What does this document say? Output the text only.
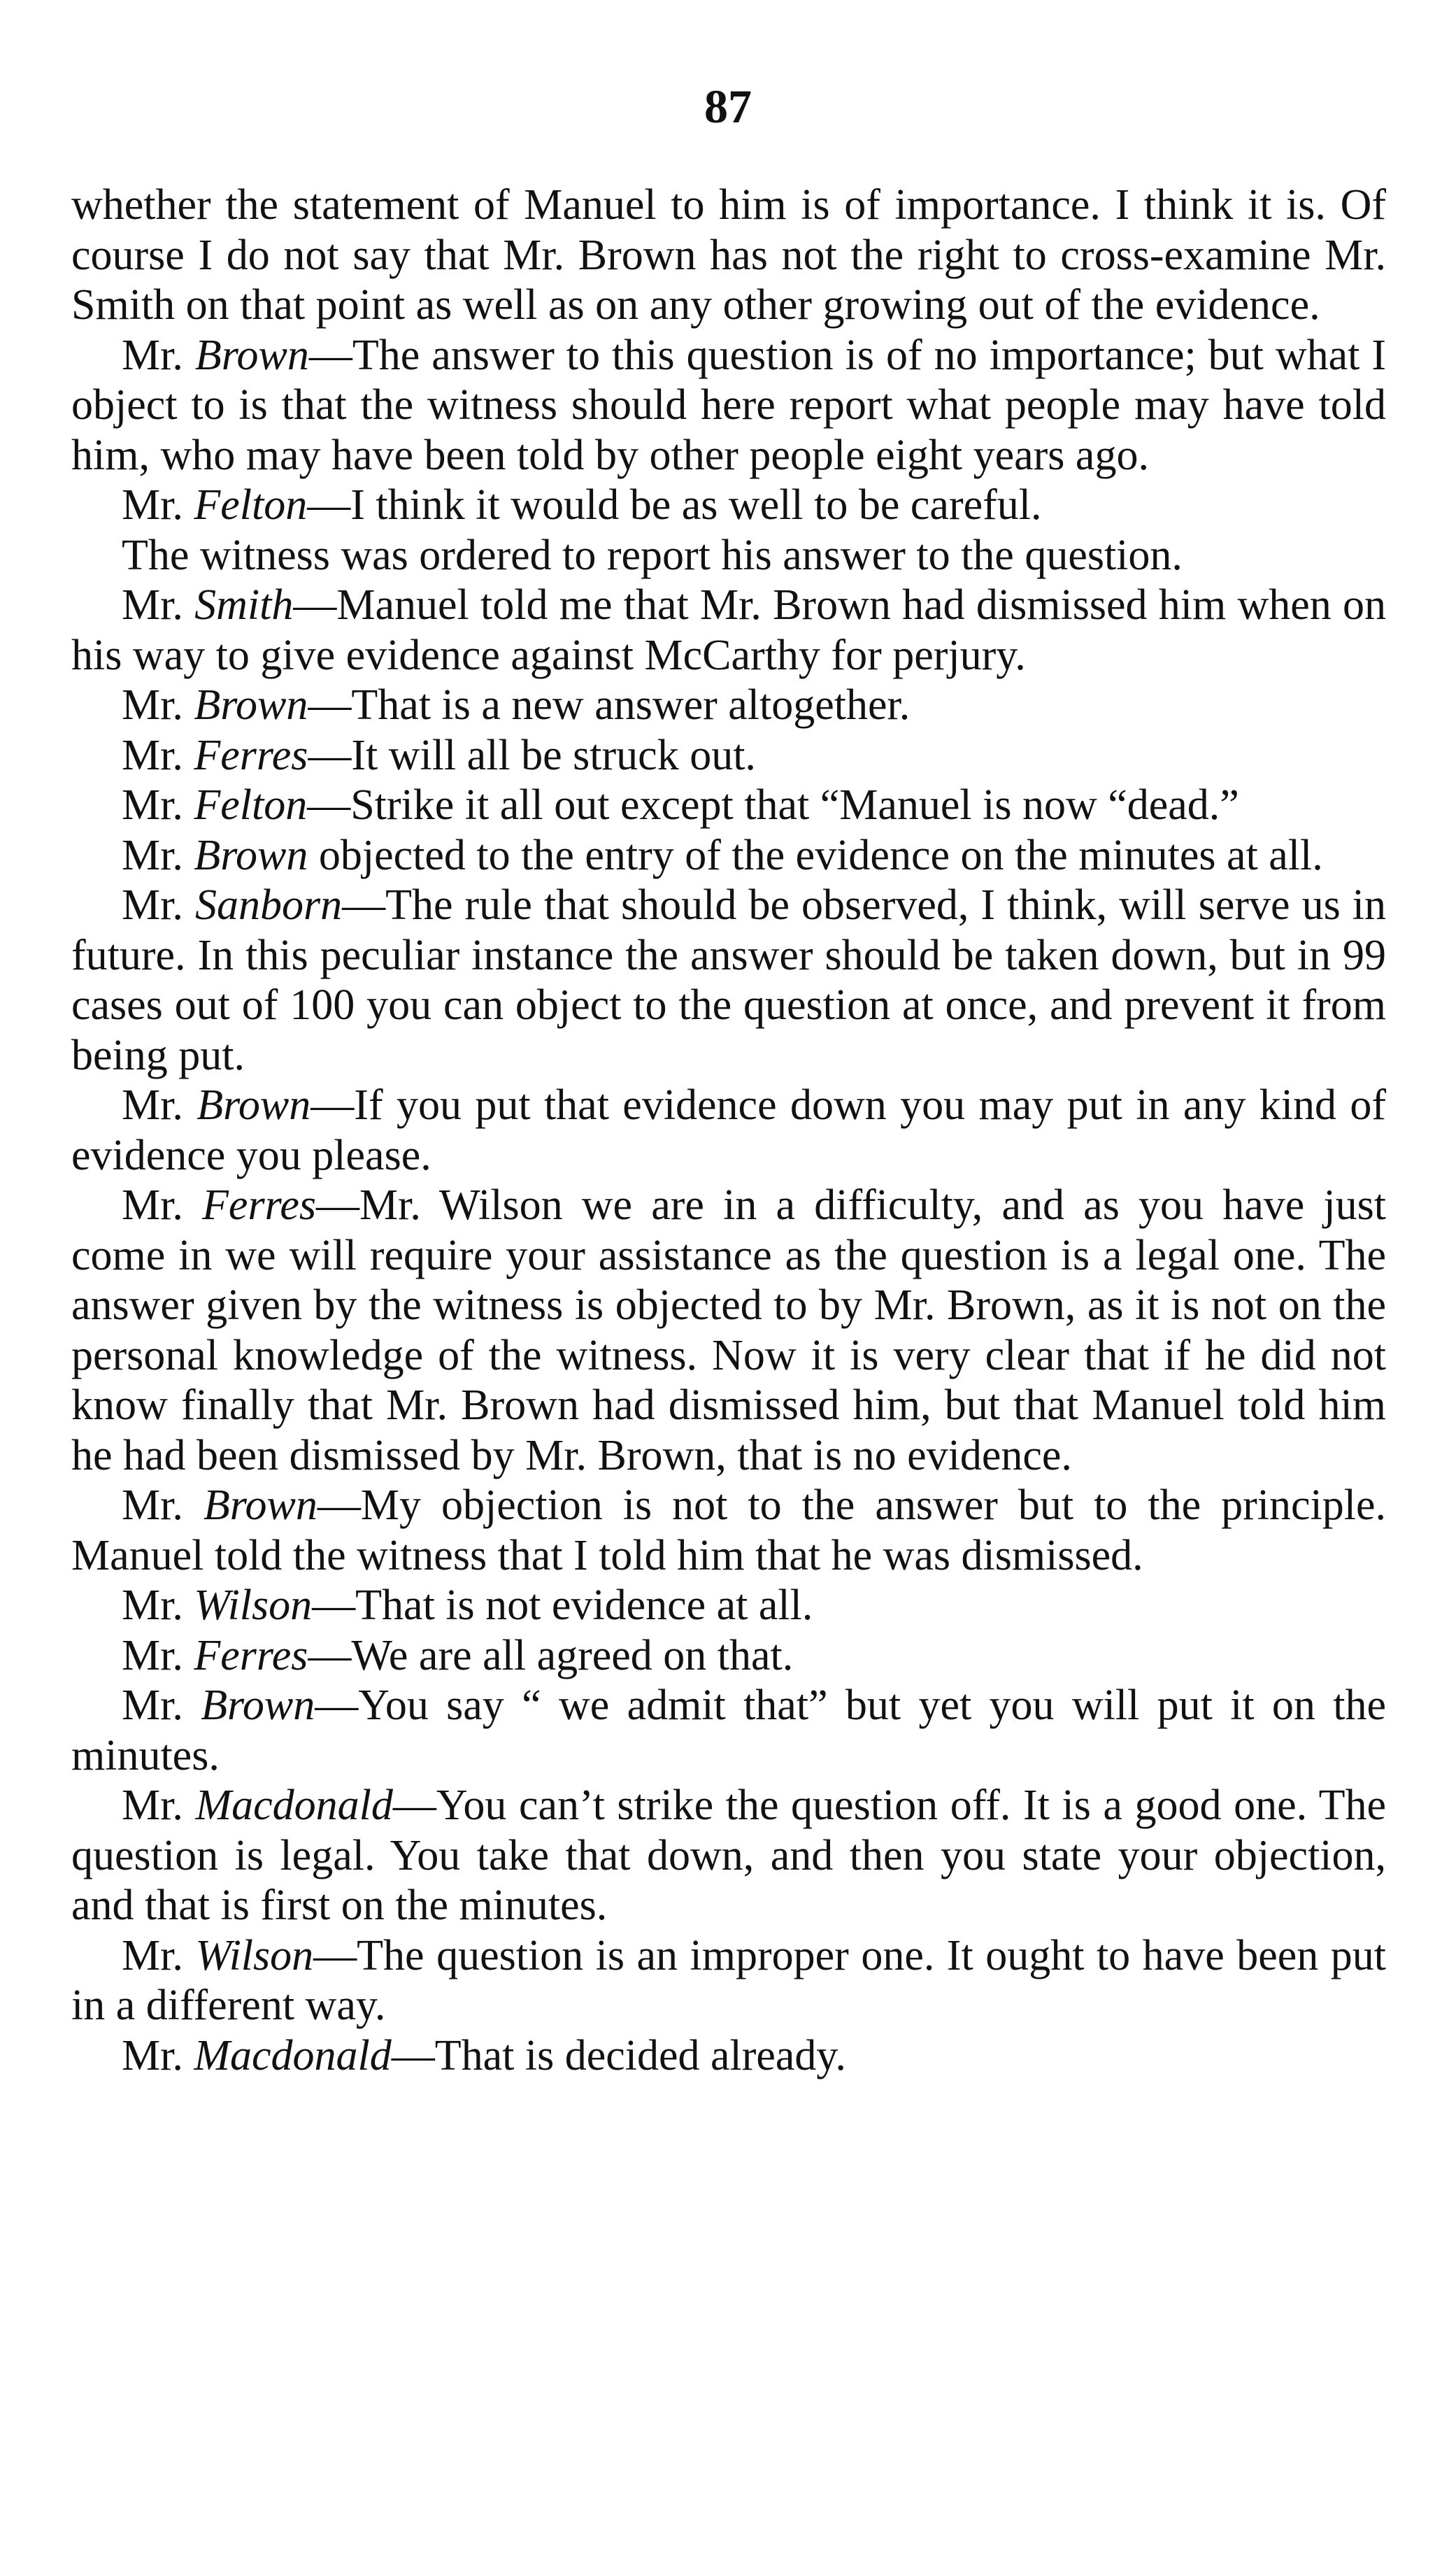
87

whether the statement of Manuel to him is of importance. I think it is. Of course I do not say that Mr. Brown has not the right to cross-examine Mr. Smith on that point as well as on any other growing out of the evidence.

Mr. Brown—The answer to this question is of no importance; but what I object to is that the witness should here report what people may have told him, who may have been told by other people eight years ago.

Mr. Felton—I think it would be as well to be careful.

The witness was ordered to report his answer to the question.

Mr. Smith—Manuel told me that Mr. Brown had dismissed him when on his way to give evidence against McCarthy for perjury.

Mr. Brown—That is a new answer altogether.

Mr. Ferres—It will all be struck out.

Mr. Felton—Strike it all out except that “Manuel is now “dead.”

Mr. Brown objected to the entry of the evidence on the minutes at all.

Mr. Sanborn—The rule that should be observed, I think, will serve us in future. In this peculiar instance the answer should be taken down, but in 99 cases out of 100 you can object to the question at once, and prevent it from being put.

Mr. Brown—If you put that evidence down you may put in any kind of evidence you please.

Mr. Ferres—Mr. Wilson we are in a difficulty, and as you have just come in we will require your assistance as the question is a legal one. The answer given by the witness is objected to by Mr. Brown, as it is not on the personal knowledge of the witness. Now it is very clear that if he did not know finally that Mr. Brown had dismissed him, but that Manuel told him he had been dismissed by Mr. Brown, that is no evidence.

Mr. Brown—My objection is not to the answer but to the principle. Manuel told the witness that I told him that he was dismissed.

Mr. Wilson—That is not evidence at all.

Mr. Ferres—We are all agreed on that.

Mr. Brown—You say “ we admit that” but yet you will put it on the minutes.

Mr. Macdonald—You can’t strike the question off. It is a good one. The question is legal. You take that down, and then you state your objection, and that is first on the minutes.

Mr. Wilson—The question is an improper one. It ought to have been put in a different way.

Mr. Macdonald—That is decided already.
